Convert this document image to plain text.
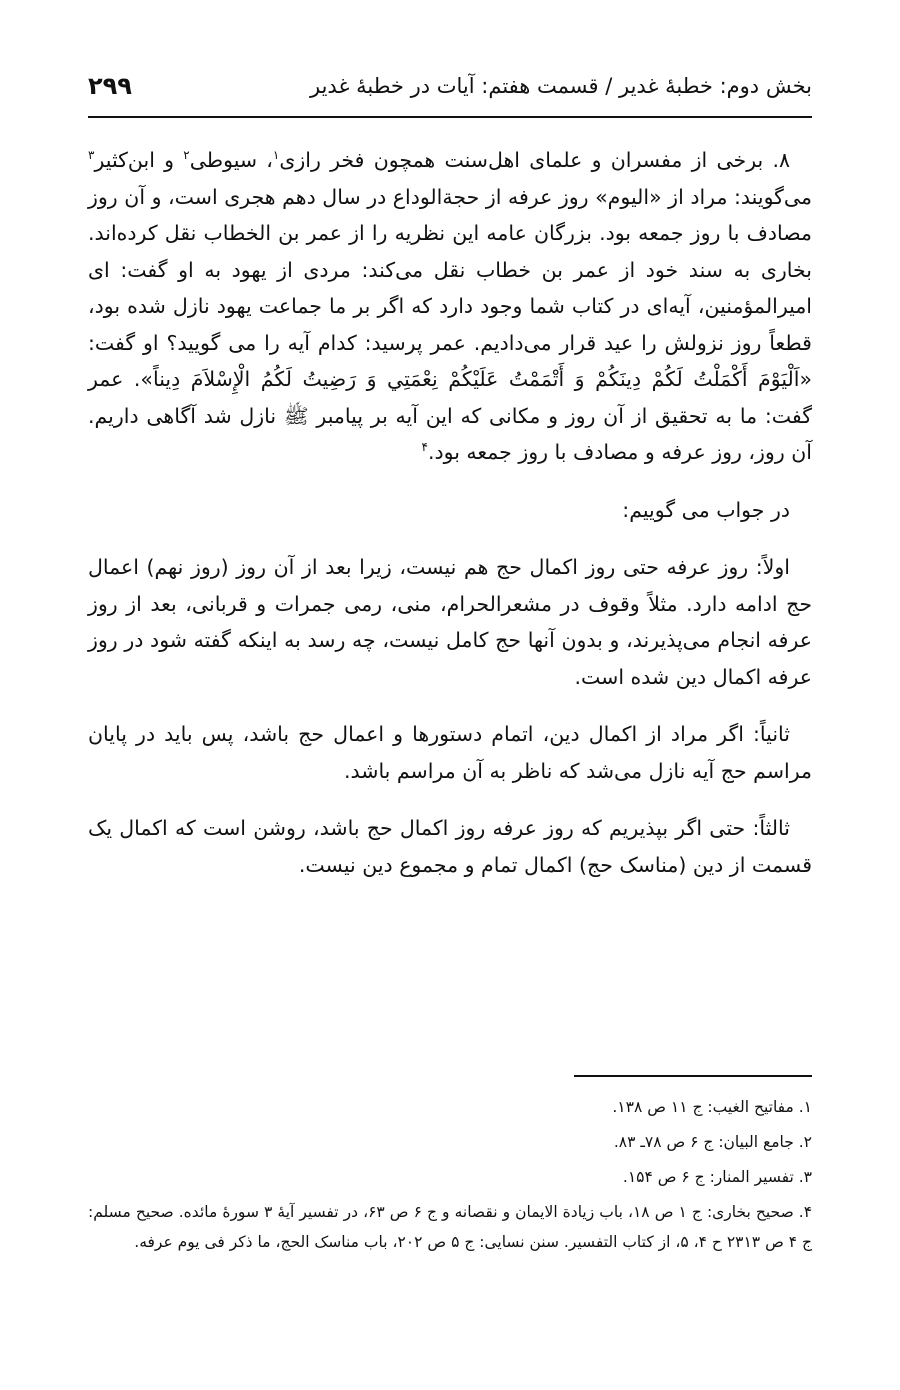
بخش دوم: خطبهٔ غدیر / قسمت هفتم: آیات در خطبهٔ غدیر
۲۹۹

۸. برخی از مفسران و علمای اهل‌سنت همچون فخر رازی$^۱$، سیوطی$^۲$ و ابن‌کثیر$^۳$ می‌گویند: مراد از «الیوم» روز عرفه از حجة‌الوداع در سال دهم هجری است، و آن روز مصادف با روز جمعه بود. بزرگان عامه این نظریه را از عمر بن الخطاب نقل کرده‌اند. بخاری به سند خود از عمر بن خطاب نقل می‌کند: مردی از یهود به او گفت: ای امیرالمؤمنین، آیه‌ای در کتاب شما وجود دارد که اگر بر ما جماعت یهود نازل شده بود، قطعاً روز نزولش را عید قرار می‌دادیم. عمر پرسید: کدام آیه را می گویید؟ او گفت: «اَلْيَوْمَ أَكْمَلْتُ لَكُمْ دِينَكُمْ وَ أَتْمَمْتُ عَلَيْكُمْ نِعْمَتِي وَ رَضِيتُ لَكُمُ الْإِسْلاَمَ دِيناً». عمر گفت: ما به تحقیق از آن روز و مکانی که این آیه بر پیامبر ﷺ نازل شد آگاهی داریم. آن روز، روز عرفه و مصادف با روز جمعه بود.$^۴$

در جواب می گوییم:

اولاً: روز عرفه حتی روز اکمال حج هم نیست، زیرا بعد از آن روز (روز نهم) اعمال حج ادامه دارد. مثلاً وقوف در مشعرالحرام، منی، رمی جمرات و قربانی، بعد از روز عرفه انجام می‌پذیرند، و بدون آنها حج کامل نیست، چه رسد به اینکه گفته شود در روز عرفه اکمال دین شده است.

ثانیاً: اگر مراد از اکمال دین، اتمام دستورها و اعمال حج باشد، پس باید در پایان مراسم حج آیه نازل می‌شد که ناظر به آن مراسم باشد.

ثالثاً: حتی اگر بپذیریم که روز عرفه روز اکمال حج باشد، روشن است که اکمال یک قسمت از دین (مناسک حج) اکمال تمام و مجموع دین نیست.

۱. مفاتیح الغیب: ج ۱۱ ص ۱۳۸.
۲. جامع البیان: ج ۶ ص ۷۸ـ ۸۳.
۳. تفسیر المنار: ج ۶ ص ۱۵۴.
۴. صحیح بخاری: ج ۱ ص ۱۸، باب زیادة الایمان و نقصانه و ج ۶ ص ۶۳، در تفسیر آیهٔ ۳ سورهٔ مائده. صحیح مسلم: ج ۴ ص ۲۳۱۳ ح ۴، ۵، از کتاب التفسیر. سنن نسایی: ج ۵ ص ۲۰۲، باب مناسک الحج، ما ذکر فی یوم عرفه.
